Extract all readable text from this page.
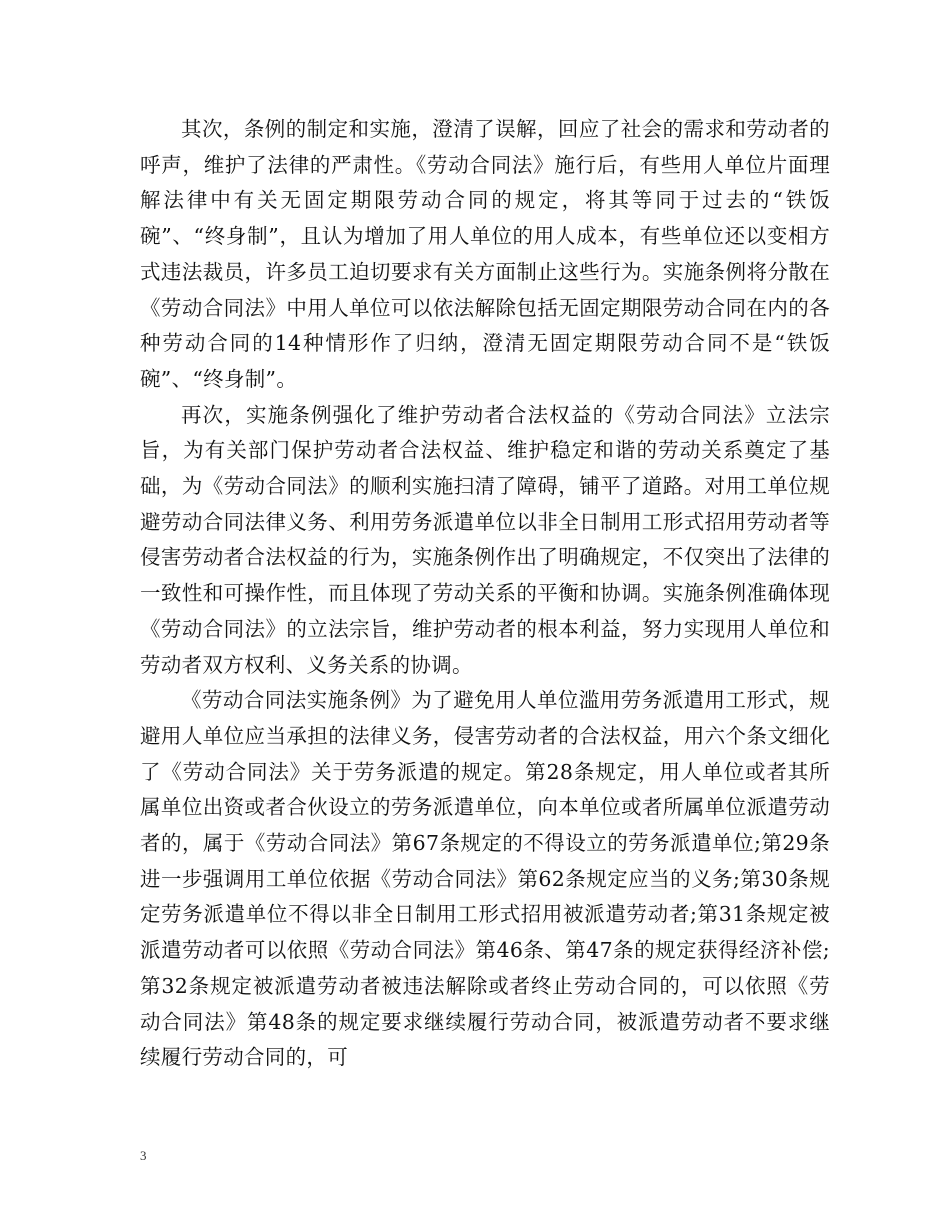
其次，条例的制定和实施，澄清了误解，回应了社会的需求和劳动者的呼声，维护了法律的严肃性。《劳动合同法》施行后，有些用人单位片面理解法律中有关无固定期限劳动合同的规定，将其等同于过去的“铁饭碗”、“终身制”，且认为增加了用人单位的用人成本，有些单位还以变相方式违法裁员，许多员工迫切要求有关方面制止这些行为。实施条例将分散在《劳动合同法》中用人单位可以依法解除包括无固定期限劳动合同在内的各种劳动合同的14种情形作了归纳，澄清无固定期限劳动合同不是“铁饭碗”、“终身制”。

再次，实施条例强化了维护劳动者合法权益的《劳动合同法》立法宗旨，为有关部门保护劳动者合法权益、维护稳定和谐的劳动关系奠定了基础，为《劳动合同法》的顺利实施扫清了障碍，铺平了道路。对用工单位规避劳动合同法律义务、利用劳务派遣单位以非全日制用工形式招用劳动者等侵害劳动者合法权益的行为，实施条例作出了明确规定，不仅突出了法律的一致性和可操作性，而且体现了劳动关系的平衡和协调。实施条例准确体现《劳动合同法》的立法宗旨，维护劳动者的根本利益，努力实现用人单位和劳动者双方权利、义务关系的协调。

《劳动合同法实施条例》为了避免用人单位滥用劳务派遣用工形式，规避用人单位应当承担的法律义务，侵害劳动者的合法权益，用六个条文细化了《劳动合同法》关于劳务派遣的规定。第28条规定，用人单位或者其所属单位出资或者合伙设立的劳务派遣单位，向本单位或者所属单位派遣劳动者的，属于《劳动合同法》第67条规定的不得设立的劳务派遣单位;第29条进一步强调用工单位依据《劳动合同法》第62条规定应当的义务;第30条规定劳务派遣单位不得以非全日制用工形式招用被派遣劳动者;第31条规定被派遣劳动者可以依照《劳动合同法》第46条、第47条的规定获得经济补偿;第32条规定被派遣劳动者被违法解除或者终止劳动合同的，可以依照《劳动合同法》第48条的规定要求继续履行劳动合同，被派遣劳动者不要求继续履行劳动合同的，可

3
